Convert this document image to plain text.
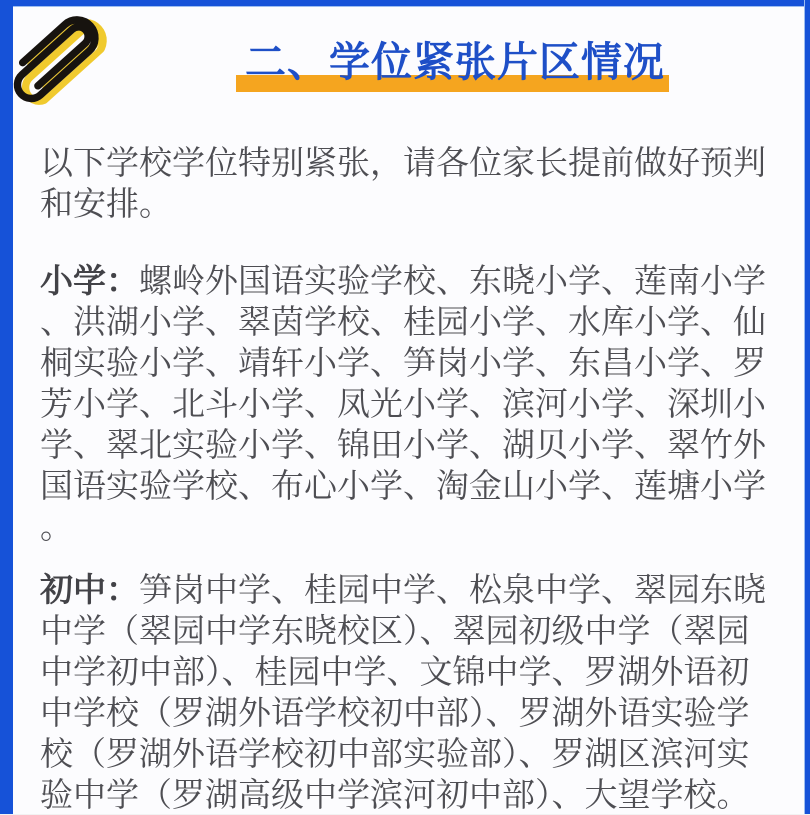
二、学位紧张片区情况

以下学校学位特别紧张，请各位家长提前做好预判和安排。

小学：螺岭外国语实验学校、东晓小学、莲南小学、洪湖小学、翠茵学校、桂园小学、水库小学、仙桐实验小学、靖轩小学、笋岗小学、东昌小学、罗芳小学、北斗小学、凤光小学、滨河小学、深圳小学、翠北实验小学、锦田小学、湖贝小学、翠竹外国语实验学校、布心小学、淘金山小学、莲塘小学。

初中：笋岗中学、桂园中学、松泉中学、翠园东晓中学（翠园中学东晓校区）、翠园初级中学（翠园中学初中部）、桂园中学、文锦中学、罗湖外语初中学校（罗湖外语学校初中部）、罗湖外语实验学校（罗湖外语学校初中部实验部）、罗湖区滨河实验中学（罗湖高级中学滨河初中部）、大望学校。
